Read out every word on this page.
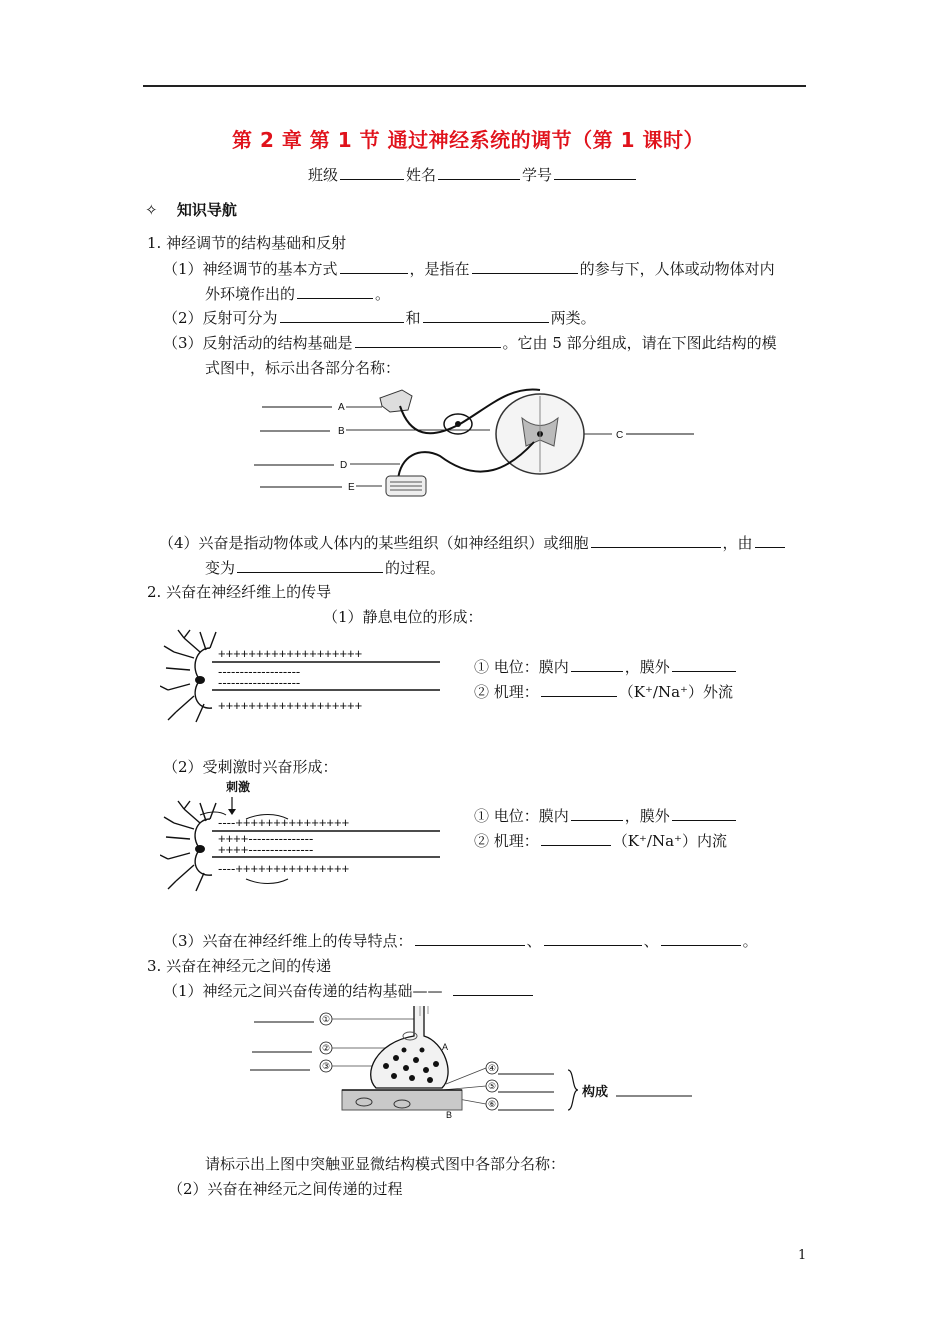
第 2 章 第 1 节 通过神经系统的调节（第 1 课时）
班级	姓名	学号
✧ 知识导航
1. 神经调节的结构基础和反射
（1）神经调节的基本方式	，是指在	的参与下，人体或动物体对内
外环境作出的	。
（2）反射可分为	和	两类。
（3）反射活动的结构基础是	。它由 5 部分组成，请在下图此结构的模
式图中，标示出各部分名称：
A
B
D
E
C
（4）兴奋是指动物体或人体内的某些组织（如神经组织）或细胞	，由
变为	的过程。
2. 兴奋在神经纤维上的传导
（1）静息电位的形成：
+++++++++++++++++++
-------------------
-------------------
+++++++++++++++++++
① 电位：膜内	，膜外
② 机理：	（K⁺/Na⁺）外流
（2）受刺激时兴奋形成：
刺激
----+++++++++++++++
++++---------------
++++---------------
----+++++++++++++++
① 电位：膜内	，膜外
② 机理：	（K⁺/Na⁺）内流
（3）兴奋在神经纤维上的传导特点：	、	、	。
3. 兴奋在神经元之间的传递
（1）神经元之间兴奋传递的结构基础——
①
②
③	④
⑤
⑥
A
B
构成
请标示出上图中突触亚显微结构模式图中各部分名称：
（2）兴奋在神经元之间传递的过程
1
